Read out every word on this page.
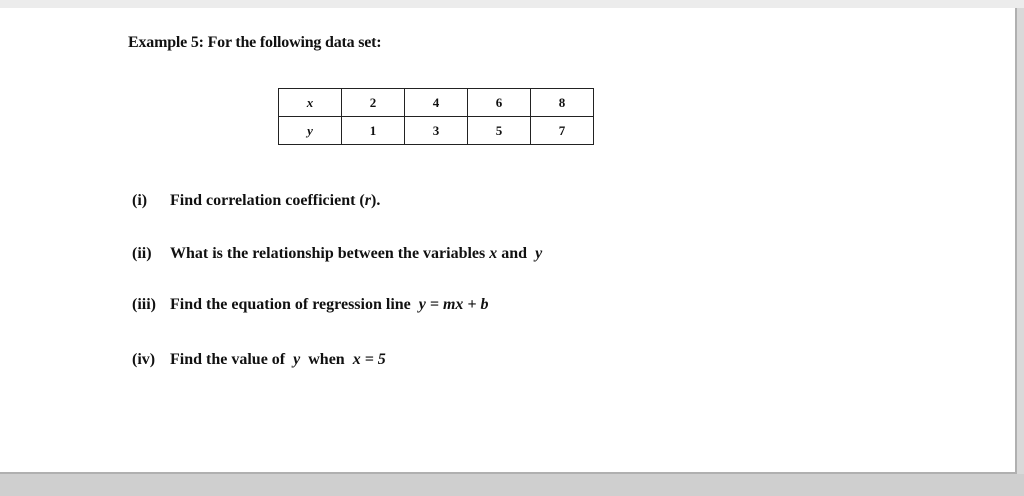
Example 5: For the following data set:
x	2	4	6	8
y	1	3	5	7
(i) Find correlation coefficient (r).
(ii) What is the relationship between the variables x and  y
(iii) Find the equation of regression line  y = mx + b
(iv) Find the value of  y  when  x = 5
